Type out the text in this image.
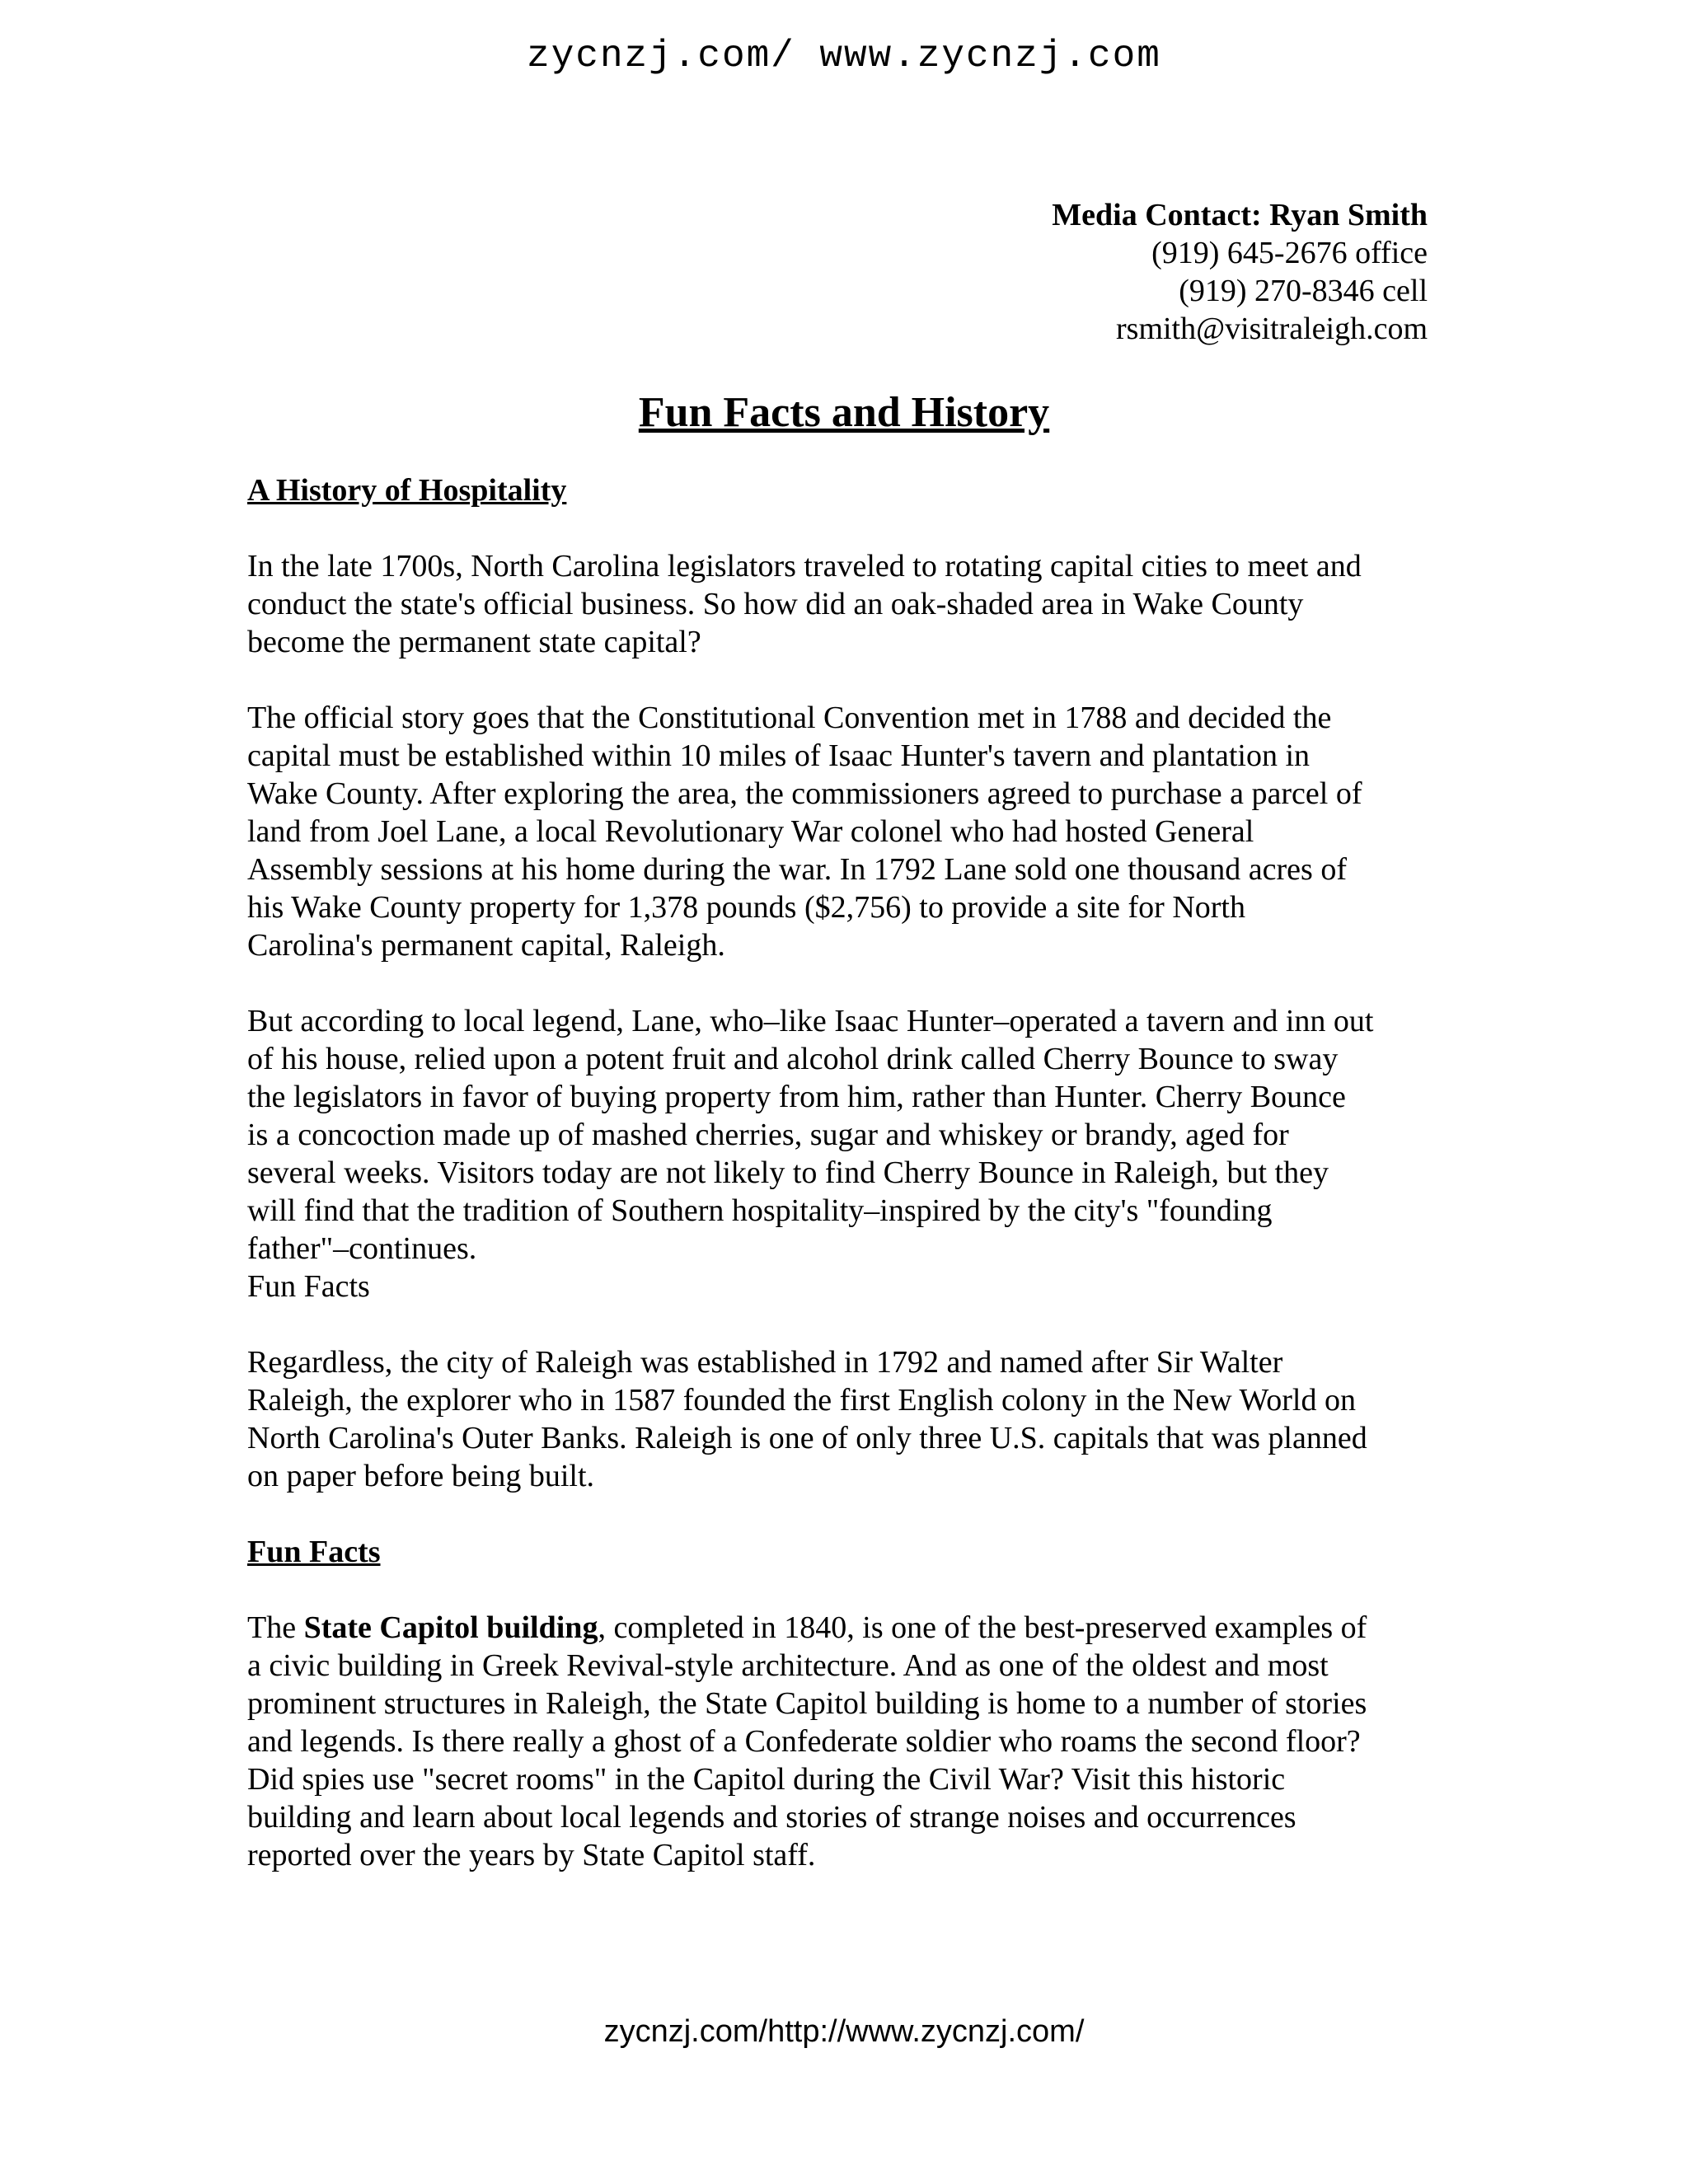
zycnzj.com/ www.zycnzj.com
Media Contact: Ryan Smith
(919) 645-2676 office
(919) 270-8346 cell
rsmith@visitraleigh.com
Fun Facts and History
A History of Hospitality
In the late 1700s, North Carolina legislators traveled to rotating capital cities to meet and
conduct the state's official business. So how did an oak-shaded area in Wake County
become the permanent state capital?
The official story goes that the Constitutional Convention met in 1788 and decided the
capital must be established within 10 miles of Isaac Hunter's tavern and plantation in
Wake County. After exploring the area, the commissioners agreed to purchase a parcel of
land from Joel Lane, a local Revolutionary War colonel who had hosted General
Assembly sessions at his home during the war. In 1792 Lane sold one thousand acres of
his Wake County property for 1,378 pounds ($2,756) to provide a site for North
Carolina's permanent capital, Raleigh.
But according to local legend, Lane, who–like Isaac Hunter–operated a tavern and inn out
of his house, relied upon a potent fruit and alcohol drink called Cherry Bounce to sway
the legislators in favor of buying property from him, rather than Hunter. Cherry Bounce
is a concoction made up of mashed cherries, sugar and whiskey or brandy, aged for
several weeks. Visitors today are not likely to find Cherry Bounce in Raleigh, but they
will find that the tradition of Southern hospitality–inspired by the city's "founding
father"–continues.
Fun Facts
Regardless, the city of Raleigh was established in 1792 and named after Sir Walter
Raleigh, the explorer who in 1587 founded the first English colony in the New World on
North Carolina's Outer Banks. Raleigh is one of only three U.S. capitals that was planned
on paper before being built.
Fun Facts
The State Capitol building, completed in 1840, is one of the best-preserved examples of
a civic building in Greek Revival-style architecture. And as one of the oldest and most
prominent structures in Raleigh, the State Capitol building is home to a number of stories
and legends. Is there really a ghost of a Confederate soldier who roams the second floor?
Did spies use "secret rooms" in the Capitol during the Civil War? Visit this historic
building and learn about local legends and stories of strange noises and occurrences
reported over the years by State Capitol staff.
zycnzj.com/http://www.zycnzj.com/
